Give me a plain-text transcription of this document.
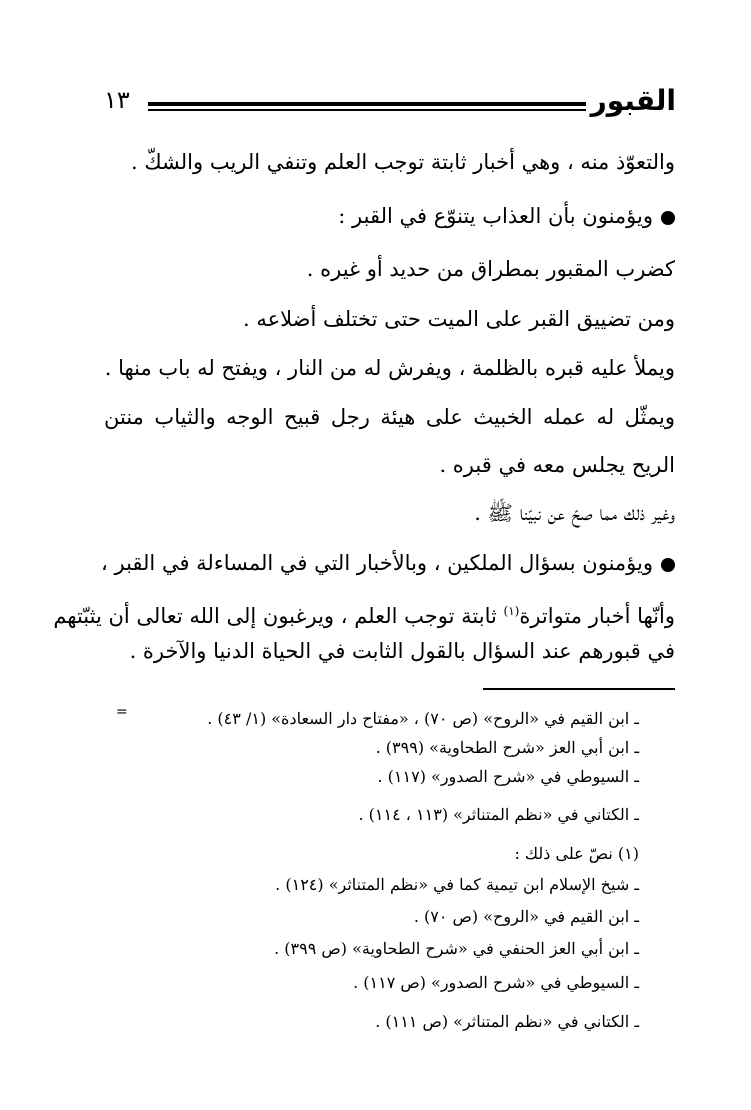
القبور
١٣
والتعوّذ منه ، وهي أخبار ثابتة توجب العلم وتنفي الريب والشكّ .
ويؤمنون بأن العذاب يتنوّع في القبر :
كضرب المقبور بمطراق من حديد أو غيره .
ومن تضييق القبر على الميت حتى تختلف أضلاعه .
ويملأ عليه قبره بالظلمة ، ويفرش له من النار ، ويفتح له باب منها .
ويمثّل له عمله الخبيث على هيئة رجل قبيح الوجه والثياب منتن
الريح يجلس معه في قبره .
وغير ذلك مما صحّ عن نبيّنا ﷺ .
ويؤمنون بسؤال الملكين ، وبالأخبار التي في المساءلة في القبر ،
وأنّها أخبار متواترة$^{(١)}$ ثابتة توجب العلم ، ويرغبون إلى الله تعالى أن يثبّتهم
في قبورهم عند السؤال بالقول الثابت في الحياة الدنيا والآخرة .
=	ـ ابن القيم في «الروح» (ص ٧٠) ، «مفتاح دار السعادة» (١/ ٤٣) .
ـ ابن أبي العز «شرح الطحاوية» (٣٩٩) .
ـ السيوطي في «شرح الصدور» (١١٧) .
ـ الكتاني في «نظم المتناثر» (١١٣ ، ١١٤) .
(١) نصّ على ذلك :
ـ شيخ الإسلام ابن تيمية كما في «نظم المتناثر» (١٢٤) .
ـ ابن القيم في «الروح» (ص ٧٠) .
ـ ابن أبي العز الحنفي في «شرح الطحاوية» (ص ٣٩٩) .
ـ السيوطي في «شرح الصدور» (ص ١١٧) .
ـ الكتاني في «نظم المتناثر» (ص ١١١) .
